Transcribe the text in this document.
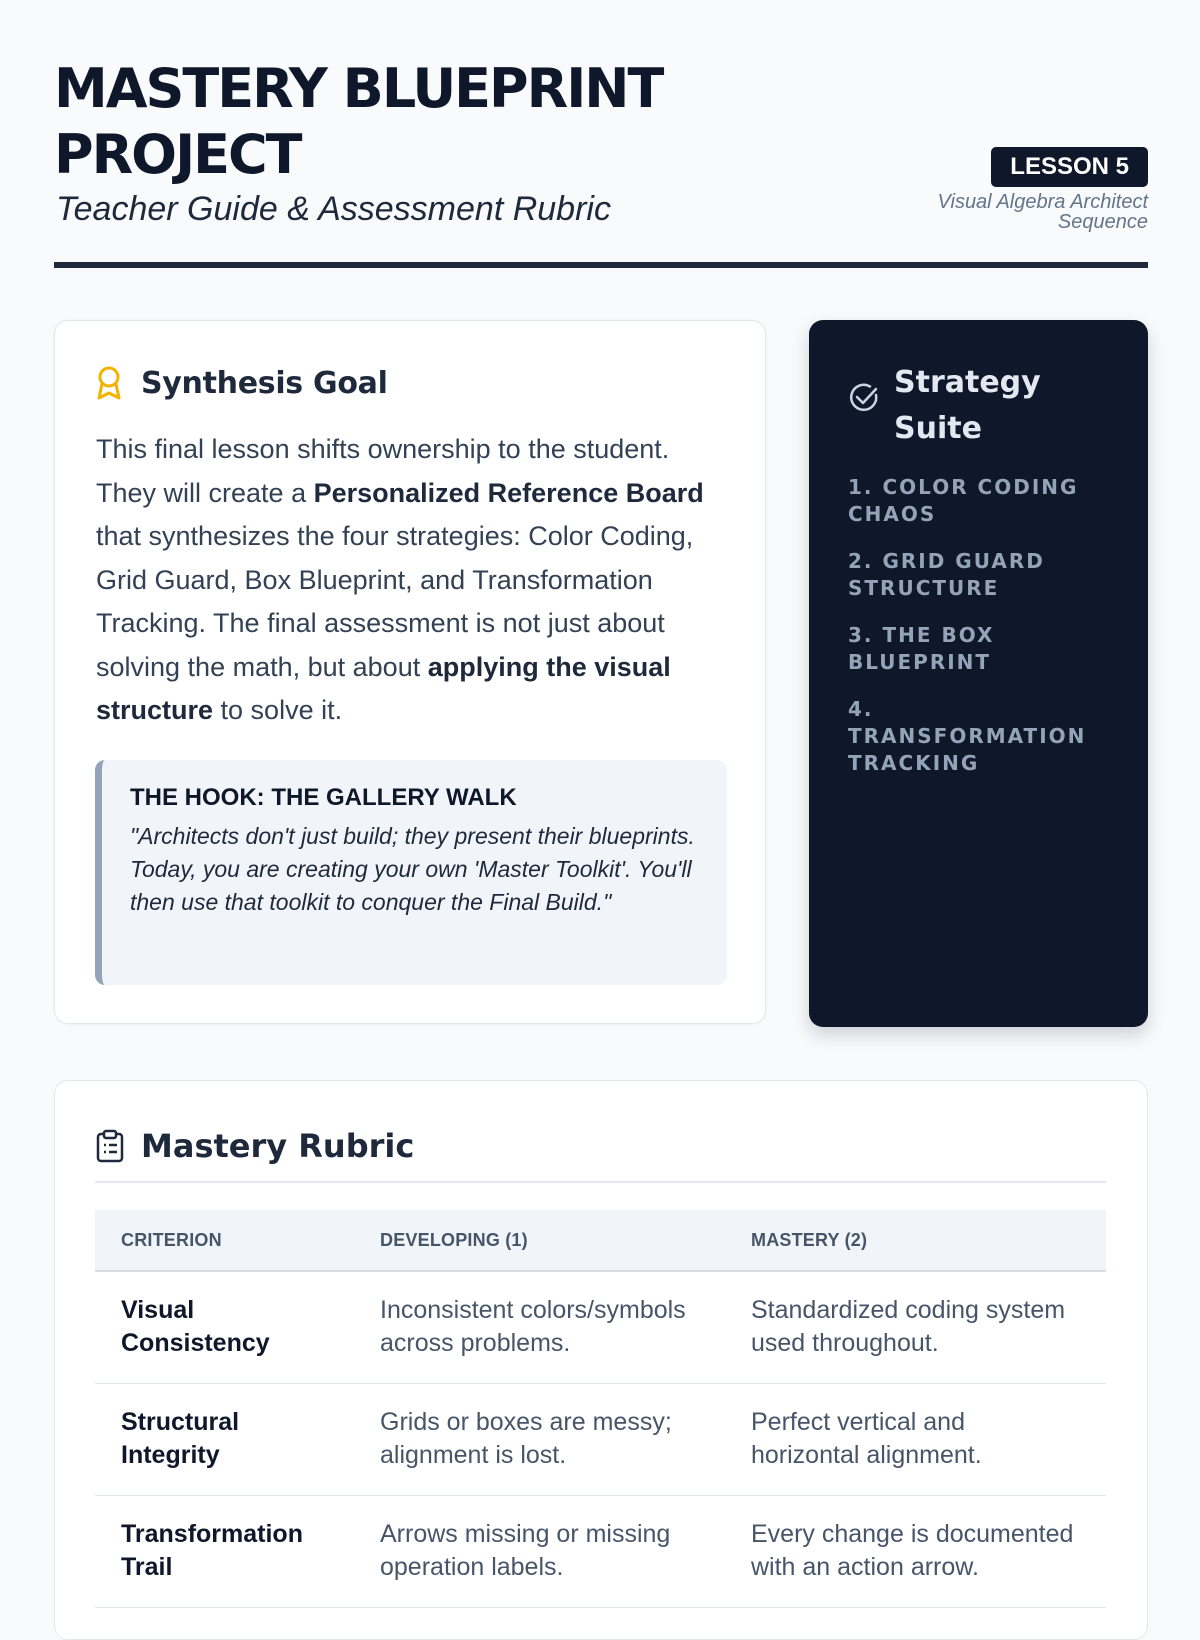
MASTERY BLUEPRINT PROJECT
Teacher Guide & Assessment Rubric
LESSON 5
Visual Algebra Architect Sequence
Synthesis Goal

This final lesson shifts ownership to the student. They will create a Personalized Reference Board that synthesizes the four strategies: Color Coding, Grid Guard, Box Blueprint, and Transformation Tracking. The final assessment is not just about solving the math, but about applying the visual structure to solve it.

THE HOOK: THE GALLERY WALK
"Architects don't just build; they present their blueprints. Today, you are creating your own 'Master Toolkit'. You'll then use that toolkit to conquer the Final Build."
Strategy Suite
1. COLOR CODING CHAOS
2. GRID GUARD STRUCTURE
3. THE BOX BLUEPRINT
4. TRANSFORMATION TRACKING
Mastery Rubric
CRITERION	DEVELOPING (1)	MASTERY (2)
Visual Consistency	Inconsistent colors/symbols across problems.	Standardized coding system used throughout.
Structural Integrity	Grids or boxes are messy; alignment is lost.	Perfect vertical and horizontal alignment.
Transformation Trail	Arrows missing or missing operation labels.	Every change is documented with an action arrow.
